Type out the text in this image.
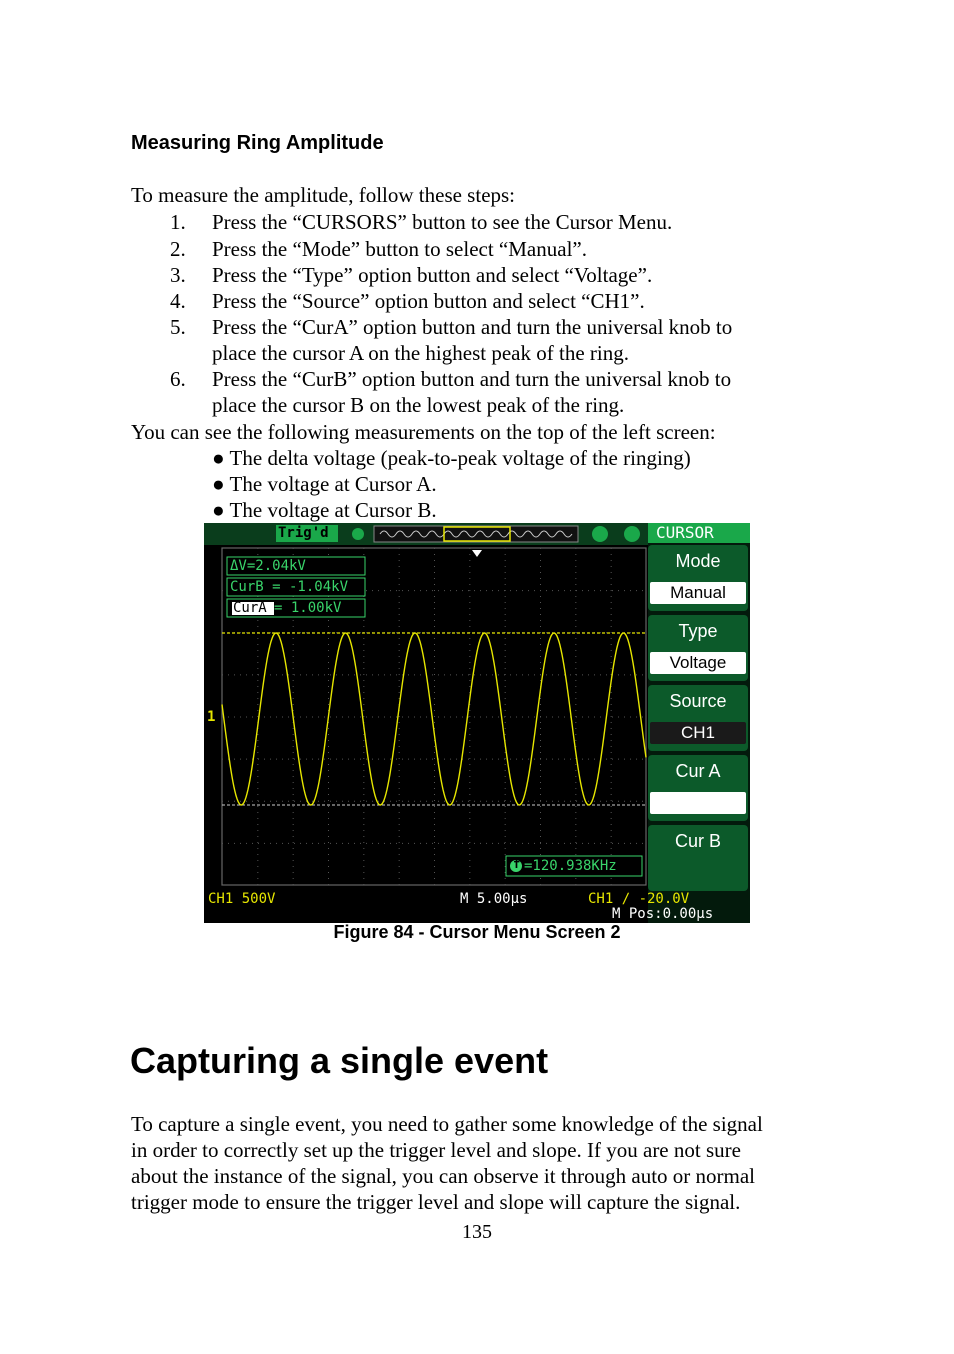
Measuring Ring Amplitude
To measure the amplitude, follow these steps:
1.	Press the “CURSORS” button to see the Cursor Menu.
2.	Press the “Mode” button to select “Manual”.
3.	Press the “Type” option button and select “Voltage”.
4.	Press the “Source” option button and select “CH1”.
5.	Press the “CurA” option button and turn the universal knob to
place the cursor A on the highest peak of the ring.
6.	Press the “CurB” option button and turn the universal knob to
place the cursor B on the lowest peak of the ring.
You can see the following measurements on the top of the left screen:
● The delta voltage (peak-to-peak voltage of the ringing)
● The voltage at Cursor A.
● The voltage at Cursor B.
Trig'd	CURSOR
ΔV=2.04kV
CurB = -1.04kV
CurA = 1.00kV
f =120.938KHz
1
CH1 500V	M 5.00μs	CH1 ∕ -20.0V
M Pos:0.00μs
Mode
Manual
Type
Voltage
Source
CH1
Cur A
Cur B
Figure 84 - Cursor Menu Screen 2
Capturing a single event
To capture a single event, you need to gather some knowledge of the signal
in order to correctly set up the trigger level and slope. If you are not sure
about the instance of the signal, you can observe it through auto or normal
trigger mode to ensure the trigger level and slope will capture the signal.
135
